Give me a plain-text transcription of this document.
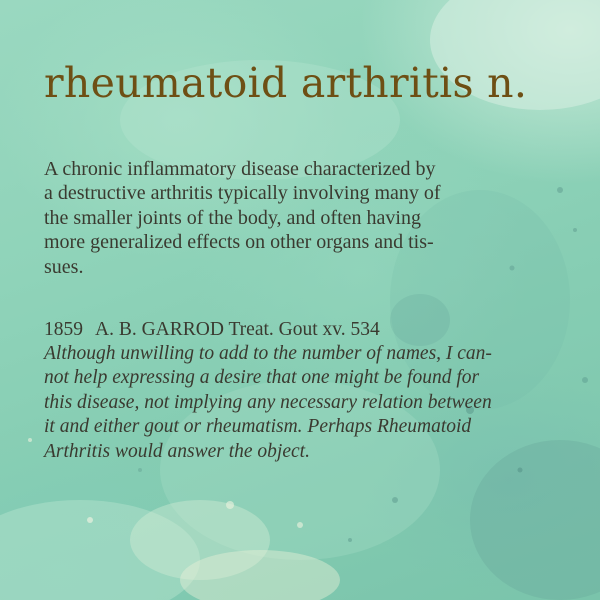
rheumatoid arthritis n.

A chronic inflammatory disease characterized by
a destructive arthritis typically involving many of
the smaller joints of the body, and often having
more generalized effects on other organs and tis-
sues.

1859 A. B. GARROD Treat. Gout xv. 534

Although unwilling to add to the number of names, I can-
not help expressing a desire that one might be found for
this disease, not implying any necessary relation between
it and either gout or rheumatism. Perhaps Rheumatoid
Arthritis would answer the object.
